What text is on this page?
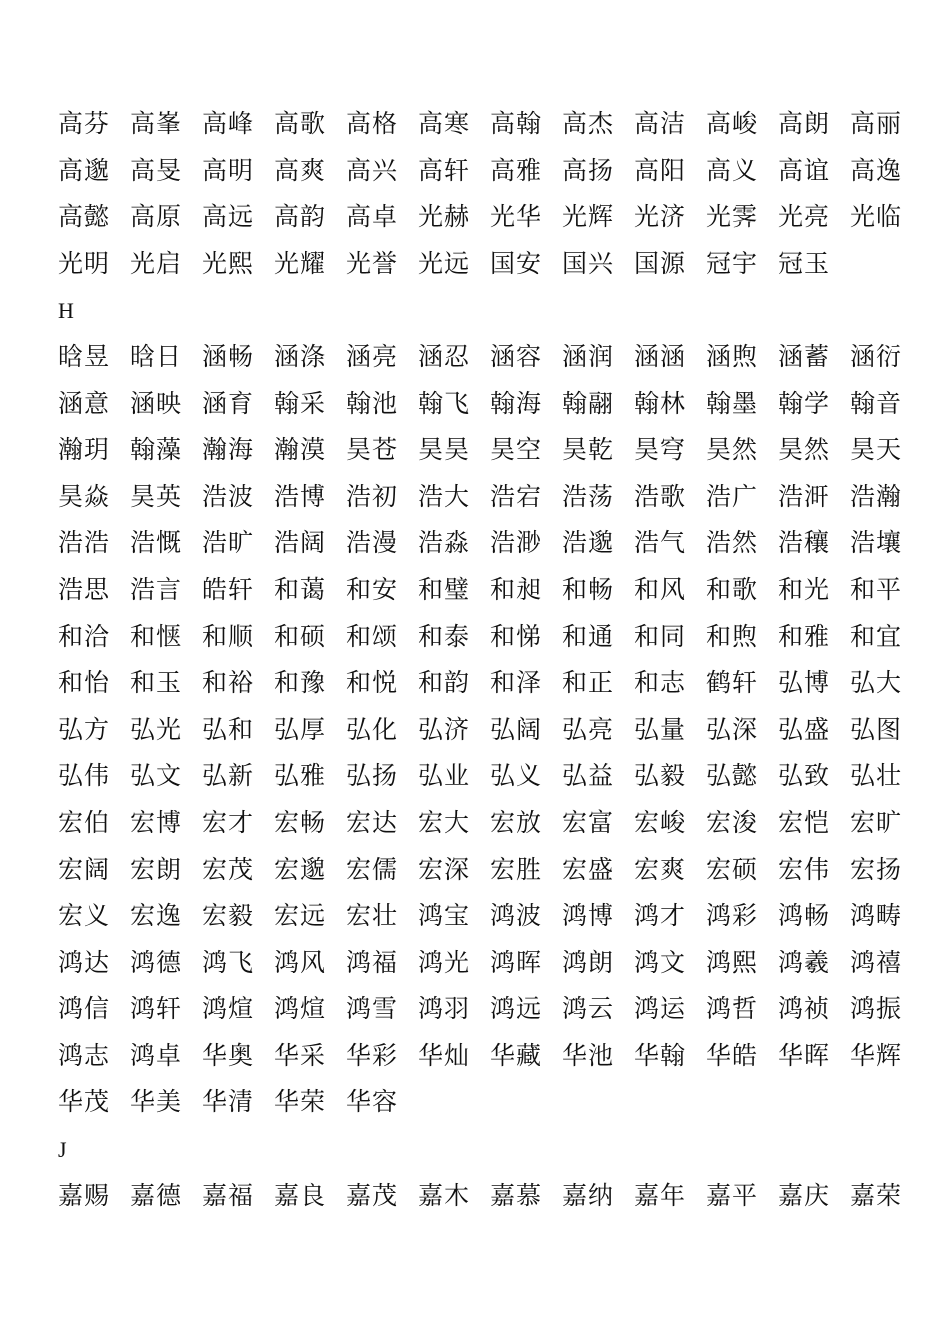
高芬 高峯 高峰 高歌 高格 高寒 高翰 高杰 高洁 高峻 高朗 高丽
高邈 高旻 高明 高爽 高兴 高轩 高雅 高扬 高阳 高义 高谊 高逸
高懿 高原 高远 高韵 高卓 光赫 光华 光辉 光济 光霁 光亮 光临
光明 光启 光熙 光耀 光誉 光远 国安 国兴 国源 冠宇 冠玉
H
晗昱 晗日 涵畅 涵涤 涵亮 涵忍 涵容 涵润 涵涵 涵煦 涵蓄 涵衍
涵意 涵映 涵育 翰采 翰池 翰飞 翰海 翰翮 翰林 翰墨 翰学 翰音
瀚玥 翰藻 瀚海 瀚漠 昊苍 昊昊 昊空 昊乾 昊穹 昊然 昊然 昊天
昊焱 昊英 浩波 浩博 浩初 浩大 浩宕 浩荡 浩歌 浩广 浩涆 浩瀚
浩浩 浩慨 浩旷 浩阔 浩漫 浩淼 浩渺 浩邈 浩气 浩然 浩穰 浩壤
浩思 浩言 皓轩 和蔼 和安 和璧 和昶 和畅 和风 和歌 和光 和平
和洽 和惬 和顺 和硕 和颂 和泰 和悌 和通 和同 和煦 和雅 和宜
和怡 和玉 和裕 和豫 和悦 和韵 和泽 和正 和志 鹤轩 弘博 弘大
弘方 弘光 弘和 弘厚 弘化 弘济 弘阔 弘亮 弘量 弘深 弘盛 弘图
弘伟 弘文 弘新 弘雅 弘扬 弘业 弘义 弘益 弘毅 弘懿 弘致 弘壮
宏伯 宏博 宏才 宏畅 宏达 宏大 宏放 宏富 宏峻 宏浚 宏恺 宏旷
宏阔 宏朗 宏茂 宏邈 宏儒 宏深 宏胜 宏盛 宏爽 宏硕 宏伟 宏扬
宏义 宏逸 宏毅 宏远 宏壮 鸿宝 鸿波 鸿博 鸿才 鸿彩 鸿畅 鸿畴
鸿达 鸿德 鸿飞 鸿风 鸿福 鸿光 鸿晖 鸿朗 鸿文 鸿熙 鸿羲 鸿禧
鸿信 鸿轩 鸿煊 鸿煊 鸿雪 鸿羽 鸿远 鸿云 鸿运 鸿哲 鸿祯 鸿振
鸿志 鸿卓 华奥 华采 华彩 华灿 华藏 华池 华翰 华皓 华晖 华辉
华茂 华美 华清 华荣 华容
J
嘉赐 嘉德 嘉福 嘉良 嘉茂 嘉木 嘉慕 嘉纳 嘉年 嘉平 嘉庆 嘉荣
